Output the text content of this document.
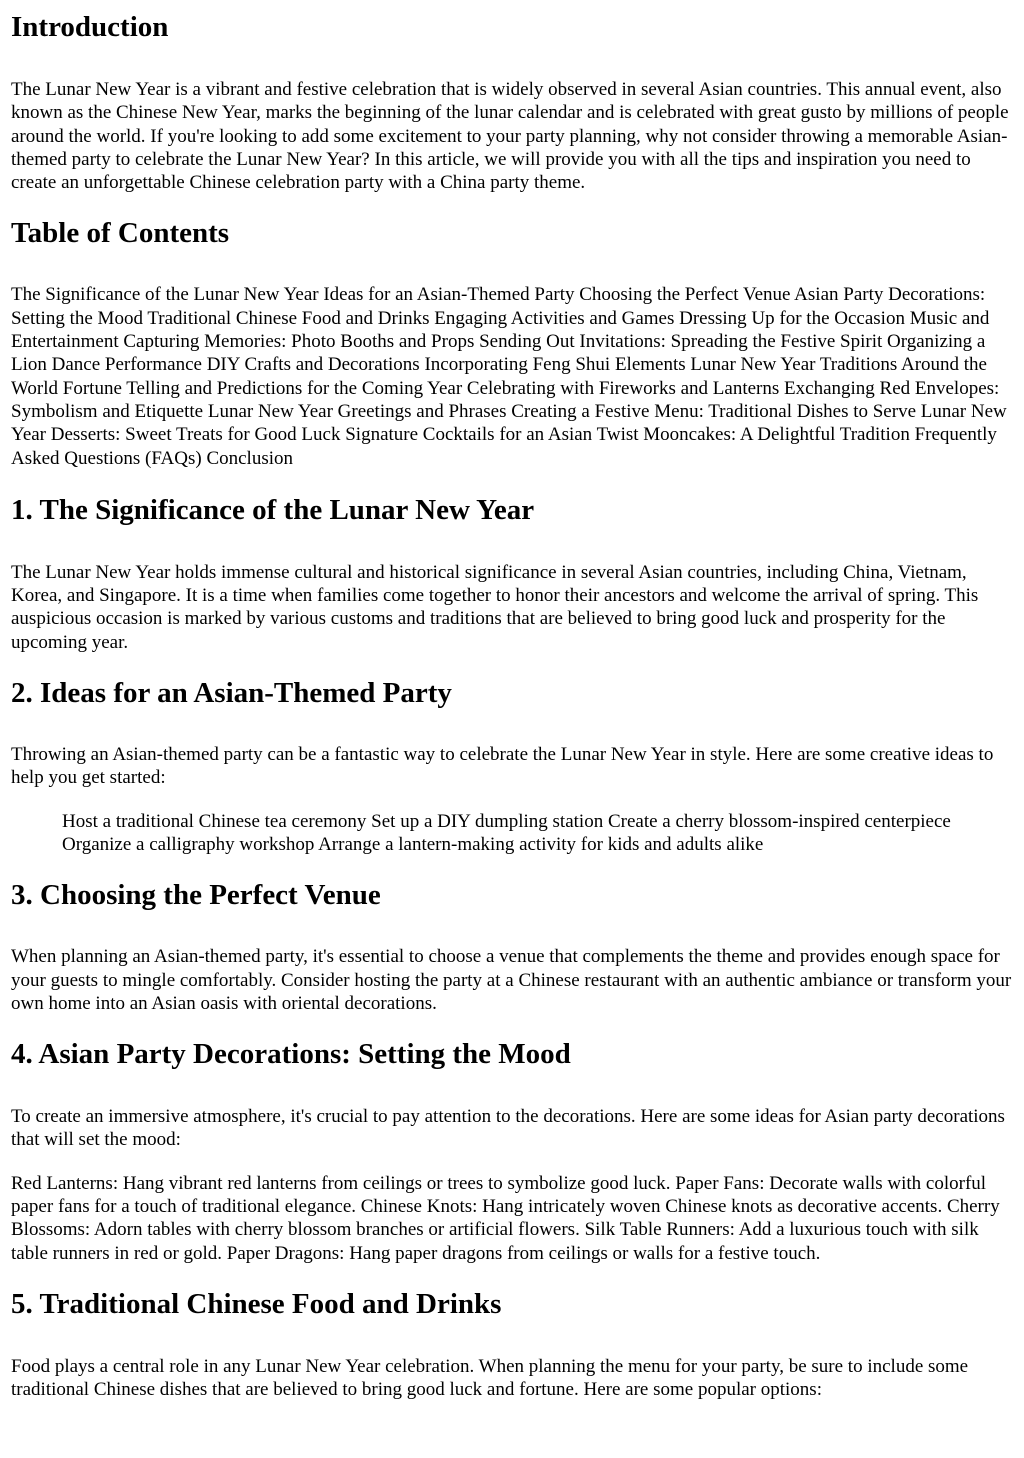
Introduction

The Lunar New Year is a vibrant and festive celebration that is widely observed in several Asian countries. This annual event, also known as the Chinese New Year, marks the beginning of the lunar calendar and is celebrated with great gusto by millions of people around the world. If you're looking to add some excitement to your party planning, why not consider throwing a memorable Asian-themed party to celebrate the Lunar New Year? In this article, we will provide you with all the tips and inspiration you need to create an unforgettable Chinese celebration party with a China party theme.

Table of Contents

The Significance of the Lunar New Year Ideas for an Asian-Themed Party Choosing the Perfect Venue Asian Party Decorations: Setting the Mood Traditional Chinese Food and Drinks Engaging Activities and Games Dressing Up for the Occasion Music and Entertainment Capturing Memories: Photo Booths and Props Sending Out Invitations: Spreading the Festive Spirit Organizing a Lion Dance Performance DIY Crafts and Decorations Incorporating Feng Shui Elements Lunar New Year Traditions Around the World Fortune Telling and Predictions for the Coming Year Celebrating with Fireworks and Lanterns Exchanging Red Envelopes: Symbolism and Etiquette Lunar New Year Greetings and Phrases Creating a Festive Menu: Traditional Dishes to Serve Lunar New Year Desserts: Sweet Treats for Good Luck Signature Cocktails for an Asian Twist Mooncakes: A Delightful Tradition Frequently Asked Questions (FAQs) Conclusion

1. The Significance of the Lunar New Year

The Lunar New Year holds immense cultural and historical significance in several Asian countries, including China, Vietnam, Korea, and Singapore. It is a time when families come together to honor their ancestors and welcome the arrival of spring. This auspicious occasion is marked by various customs and traditions that are believed to bring good luck and prosperity for the upcoming year.

2. Ideas for an Asian-Themed Party

Throwing an Asian-themed party can be a fantastic way to celebrate the Lunar New Year in style. Here are some creative ideas to help you get started:

Host a traditional Chinese tea ceremony Set up a DIY dumpling station Create a cherry blossom-inspired centerpiece Organize a calligraphy workshop Arrange a lantern-making activity for kids and adults alike

3. Choosing the Perfect Venue

When planning an Asian-themed party, it's essential to choose a venue that complements the theme and provides enough space for your guests to mingle comfortably. Consider hosting the party at a Chinese restaurant with an authentic ambiance or transform your own home into an Asian oasis with oriental decorations.

4. Asian Party Decorations: Setting the Mood

To create an immersive atmosphere, it's crucial to pay attention to the decorations. Here are some ideas for Asian party decorations that will set the mood:

Red Lanterns: Hang vibrant red lanterns from ceilings or trees to symbolize good luck. Paper Fans: Decorate walls with colorful paper fans for a touch of traditional elegance. Chinese Knots: Hang intricately woven Chinese knots as decorative accents. Cherry Blossoms: Adorn tables with cherry blossom branches or artificial flowers. Silk Table Runners: Add a luxurious touch with silk table runners in red or gold. Paper Dragons: Hang paper dragons from ceilings or walls for a festive touch.

5. Traditional Chinese Food and Drinks

Food plays a central role in any Lunar New Year celebration. When planning the menu for your party, be sure to include some traditional Chinese dishes that are believed to bring good luck and fortune. Here are some popular options:
